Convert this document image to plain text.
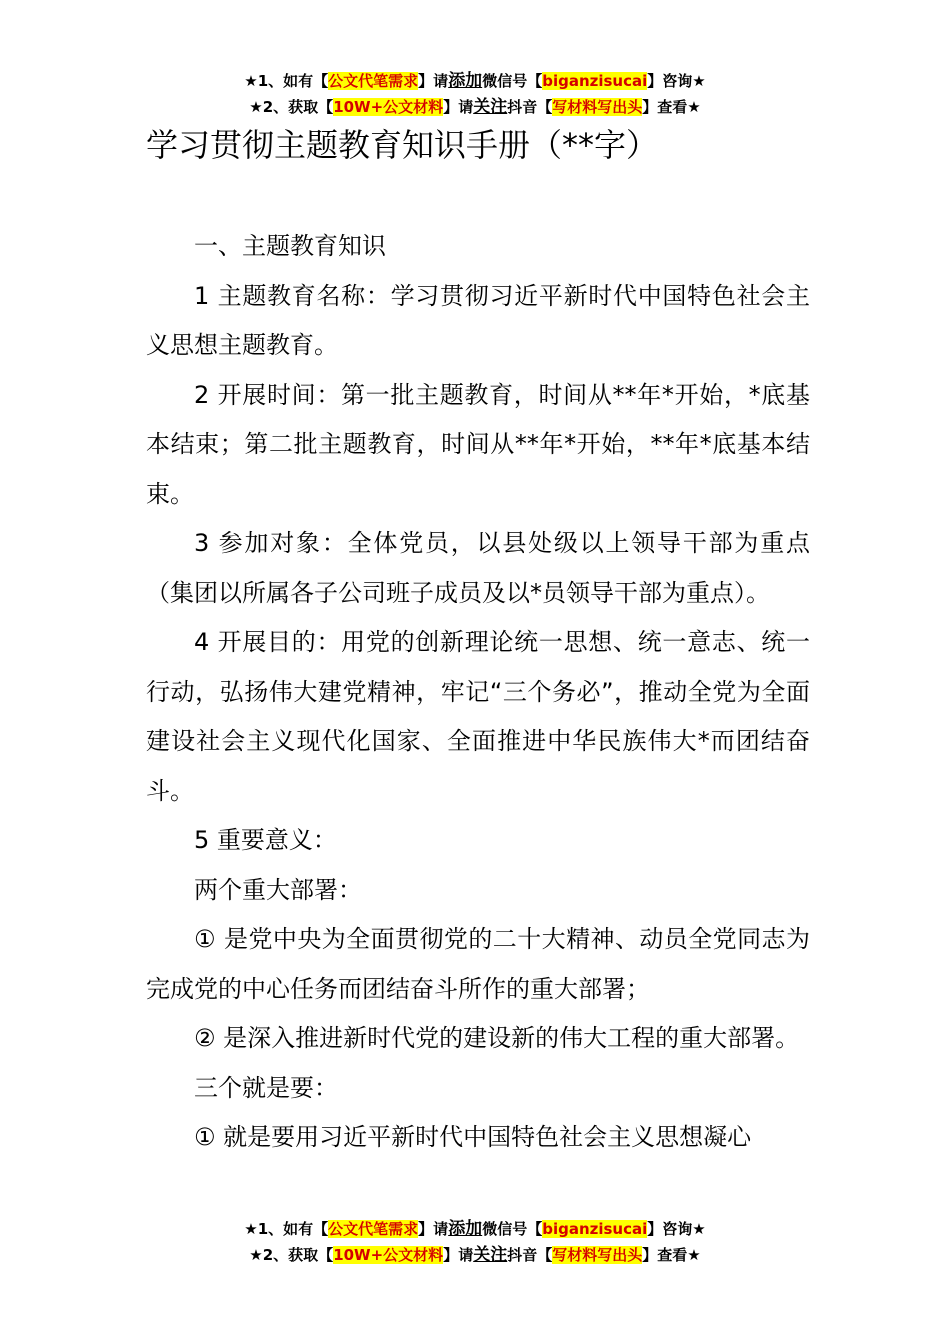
★1、如有【公文代笔需求】请添加微信号【biganzisucai】咨询★
★2、获取【10W+公文材料】请关注抖音【写材料写出头】查看★
学习贯彻主题教育知识手册（**字）

一、主题教育知识

1 主题教育名称：学习贯彻习近平新时代中国特色社会主义思想主题教育。

2 开展时间：第一批主题教育，时间从**年*开始，*底基本结束；第二批主题教育，时间从**年*开始，**年*底基本结束。

3 参加对象：全体党员，以县处级以上领导干部为重点（集团以所属各子公司班子成员及以*员领导干部为重点）。

4 开展目的：用党的创新理论统一思想、统一意志、统一行动，弘扬伟大建党精神，牢记“三个务必”，推动全党为全面建设社会主义现代化国家、全面推进中华民族伟大*而团结奋斗。

5 重要意义：

两个重大部署：

① 是党中央为全面贯彻党的二十大精神、动员全党同志为完成党的中心任务而团结奋斗所作的重大部署；

② 是深入推进新时代党的建设新的伟大工程的重大部署。

三个就是要：

① 就是要用习近平新时代中国特色社会主义思想凝心

★1、如有【公文代笔需求】请添加微信号【biganzisucai】咨询★
★2、获取【10W+公文材料】请关注抖音【写材料写出头】查看★
